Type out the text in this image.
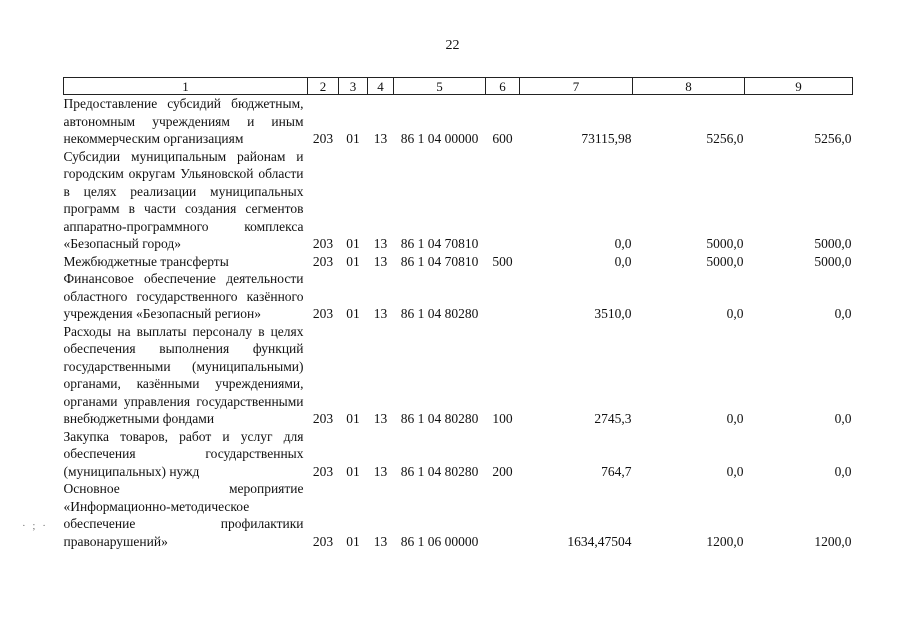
22
1	2	3	4	5	6	7	8	9
Предоставление субсидий бюджетным, автономным учреждениям и иным некоммерческим организациям	203	01	13	86 1 04 00000	600	73115,98	5256,0	5256,0
Субсидии муниципальным районам и городским округам Ульяновской области в целях реализации муниципальных программ в части создания сегментов аппаратно-программного комплекса «Безопасный город»	203	01	13	86 1 04 70810		0,0	5000,0	5000,0
Межбюджетные трансферты	203	01	13	86 1 04 70810	500	0,0	5000,0	5000,0
Финансовое обеспечение деятельности областного государственного казённого учреждения «Безопасный регион»	203	01	13	86 1 04 80280		3510,0	0,0	0,0
Расходы на выплаты персоналу в целях обеспечения выполнения функций государственными (муниципальными) органами, казёнными учреждениями, органами управления государственными внебюджетными фондами	203	01	13	86 1 04 80280	100	2745,3	0,0	0,0
Закупка товаров, работ и услуг для обеспечения государственных (муниципальных) нужд	203	01	13	86 1 04 80280	200	764,7	0,0	0,0
Основное мероприятие «Информационно-методическое обеспечение профилактики правонарушений»	203	01	13	86 1 06 00000		1634,47504	1200,0	1200,0
· ; ·
